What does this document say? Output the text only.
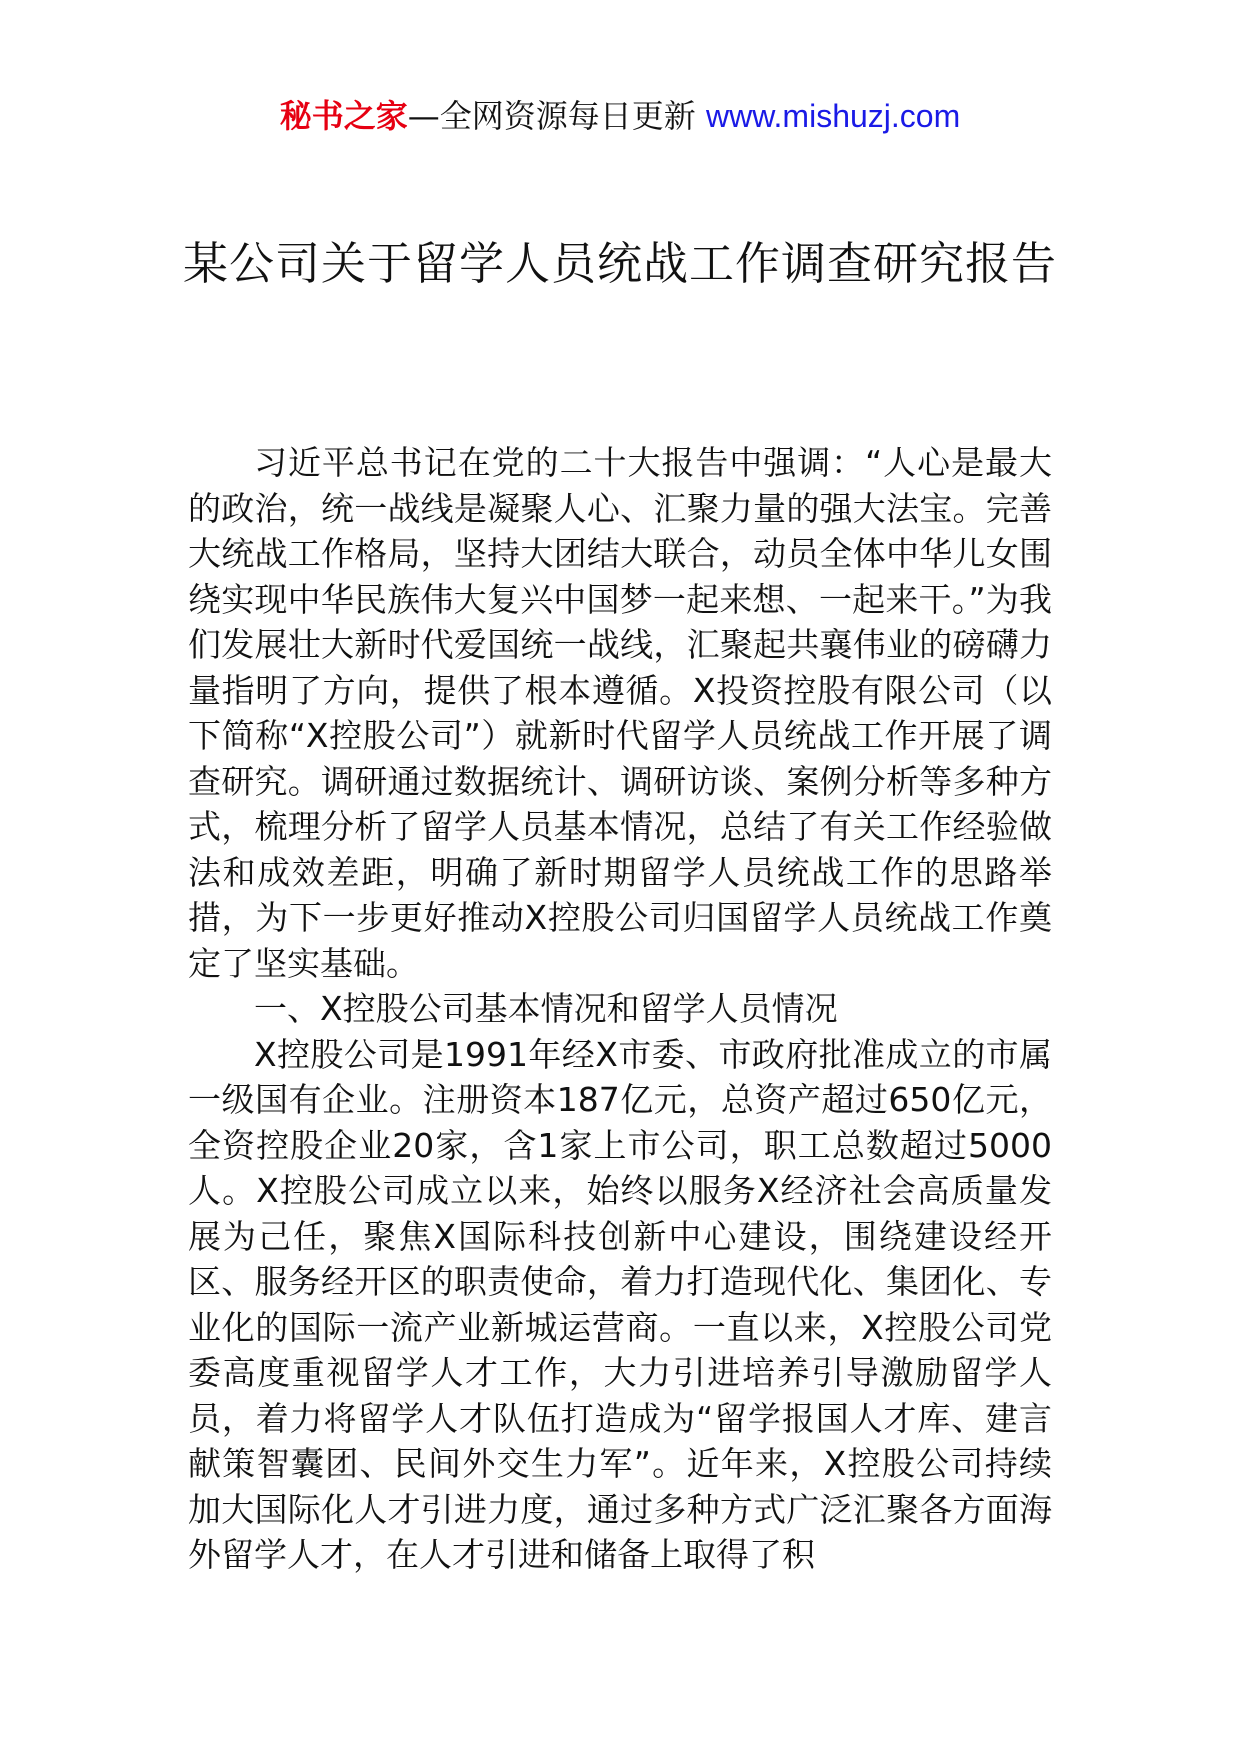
秘书之家—全网资源每日更新 www.mishuzj.com
某公司关于留学人员统战工作调查研究报告

习近平总书记在党的二十大报告中强调：“人心是最大的政治，统一战线是凝聚人心、汇聚力量的强大法宝。完善大统战工作格局，坚持大团结大联合，动员全体中华儿女围绕实现中华民族伟大复兴中国梦一起来想、一起来干。”为我们发展壮大新时代爱国统一战线，汇聚起共襄伟业的磅礴力量指明了方向，提供了根本遵循。X投资控股有限公司（以下简称“X控股公司”）就新时代留学人员统战工作开展了调查研究。调研通过数据统计、调研访谈、案例分析等多种方式，梳理分析了留学人员基本情况，总结了有关工作经验做法和成效差距，明确了新时期留学人员统战工作的思路举措，为下一步更好推动X控股公司归国留学人员统战工作奠定了坚实基础。

一、X控股公司基本情况和留学人员情况

X控股公司是1991年经X市委、市政府批准成立的市属一级国有企业。注册资本187亿元，总资产超过650亿元，全资控股企业20家，含1家上市公司，职工总数超过5000人。X控股公司成立以来，始终以服务X经济社会高质量发展为己任，聚焦X国际科技创新中心建设，围绕建设经开区、服务经开区的职责使命，着力打造现代化、集团化、专业化的国际一流产业新城运营商。一直以来，X控股公司党委高度重视留学人才工作，大力引进培养引导激励留学人员，着力将留学人才队伍打造成为“留学报国人才库、建言献策智囊团、民间外交生力军”。近年来，X控股公司持续加大国际化人才引进力度，通过多种方式广泛汇聚各方面海外留学人才，在人才引进和储备上取得了积
